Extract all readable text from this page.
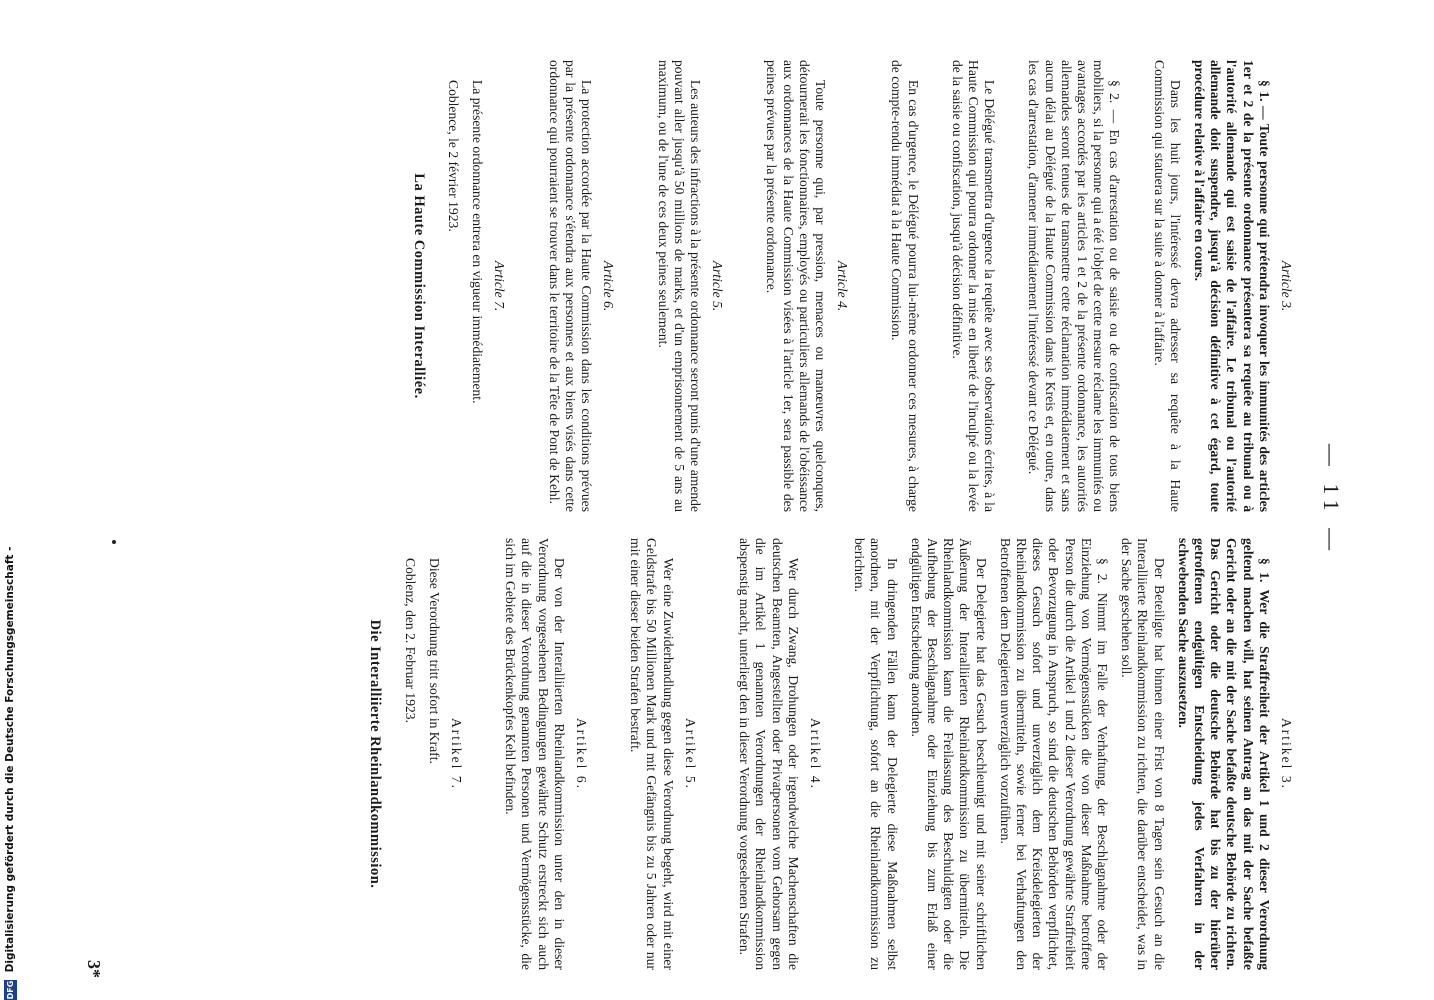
— 11 —
Article 3.

§ 1. — Toute personne qui prétendra invoquer les immunités des articles 1er et 2 de la présente ordonnance présentera sa requête au tribunal ou à l'autorité allemande qui est saisie de l'affaire. Le tribunal ou l'autorité allemande doit suspendre, jusqu'à décision définitive à cet égard, toute procédure relative à l'affaire en cours.

Dans les huit jours, l'intéressé devra adresser sa requête à la Haute Commission qui statuera sur la suite à donner à l'affaire.

§ 2. — En cas d'arrestation ou de saisie ou de confiscation de tous biens mobiliers, si la personne qui a été l'objet de cette mesure réclame les immunités ou avantages accordés par les articles 1 et 2 de la présente ordonnance, les autorités allemandes seront tenues de transmettre cette réclamation immédiatement et sans aucun délai au Délégué de la Haute Commission dans le Kreis et, en outre, dans les cas d'arrestation, d'amener immédiatement l'intéressé devant ce Délégué.

Le Délégué transmettra d'urgence la requête avec ses observations écrites, à la Haute Commission qui pourra ordonner la mise en liberté de l'inculpé ou la levée de la saisie ou confiscation, jusqu'à décision définitive.

En cas d'urgence, le Délégué pourra lui-même ordonner ces mesures, à charge de compte-rendu immédiat à la Haute Commission.

Article 4.

Toute personne qui, par pression, menaces ou manœuvres quelconques, détournerait les fonctionnaires, employés ou particuliers allemands de l'obéissance aux ordonnances de la Haute Commission visées à l'article 1er, sera passible des peines prévues par la présente ordonnance.

Article 5.

Les auteurs des infractions à la présente ordonnance seront punis d'une amende pouvant aller jusqu'à 50 millions de marks, et d'un emprisonnement de 5 ans au maximum, ou de l'une de ces deux peines seulement.

Article 6.

La protection accordée par la Haute Commission dans les conditions prévues par la présente ordonnance s'étendra aux personnes et aux biens visés dans cette ordonnance qui pourraient se trouver dans le territoire de la Tête de Pont de Kehl.

Article 7.

La présente ordonnance entrera en vigueur immédiatement.

Coblence, le 2 février 1923.

La Haute Commission Interalliée.
Artikel 3.

§ 1. Wer die Straffreiheit der Artikel 1 und 2 dieser Verordnung geltend machen will, hat seinen Antrag an das mit der Sache befaßte Gericht oder an die mit der Sache befaßte deutsche Behörde zu richten. Das Gericht oder die deutsche Behörde hat bis zu der hierüber getroffenen endgültigen Entscheidung jedes Verfahren in der schwebenden Sache auszusetzen.

Der Beteiligte hat binnen einer Frist von 8 Tagen sein Gesuch an die Interalliierte Rheinlandkommission zu richten, die darüber entscheidet, was in der Sache geschehen soll.

§ 2. Nimmt im Falle der Verhaftung, der Beschlagnahme oder der Einziehung von Vermögensstücken die von dieser Maßnahme betroffene Person die durch die Artikel 1 und 2 dieser Verordnung gewährte Straffreiheit oder Bevorzugung in Anspruch, so sind die deutschen Behörden verpflichtet, dieses Gesuch sofort und unverzüglich dem Kreisdelegierten der Rheinlandkommission zu übermitteln, sowie ferner bei Verhaftungen den Betroffenen dem Delegierten unverzüglich vorzuführen.

Der Delegierte hat das Gesuch beschleunigt und mit seiner schriftlichen Äußerung der Interalliierten Rheinlandkommission zu übermitteln. Die Rheinlandkommission kann die Freilassung des Beschuldigten oder die Aufhebung der Beschlagnahme oder Einziehung bis zum Erlaß einer endgültigen Entscheidung anordnen.

In dringenden Fällen kann der Delegierte diese Maßnahmen selbst anordnen, mit der Verpflichtung, sofort an die Rheinlandkommission zu berichten.

Artikel 4.

Wer durch Zwang, Drohungen oder irgendwelche Machenschaften die deutschen Beamten, Angestellten oder Privatpersonen vom Gehorsam gegen die im Artikel 1 genannten Verordnungen der Rheinlandkommission abspenstig macht, unterliegt den in dieser Verordnung vorgesehenen Strafen.

Artikel 5.

Wer eine Zuwiderhandlung gegen diese Verordnung begeht, wird mit einer Geldstrafe bis 50 Millionen Mark und mit Gefängnis bis zu 5 Jahren oder nur mit einer dieser beiden Strafen bestraft.

Artikel 6.

Der von der Interalliierten Rheinlandkommission unter den in dieser Verordnung vorgesehenen Bedingungen gewährte Schutz erstreckt sich auch auf die in dieser Verordnung genannten Personen und Vermögensstücke, die sich im Gebiete des Brückenkopfes Kehl befinden.

Artikel 7.

Diese Verordnung tritt sofort in Kraft.

Coblenz, den 2. Februar 1923.

Die Interalliierte Rheinlandkommission.
3*
DFG Digitalisierung gefördert durch die Deutsche Forschungsgemeinschaft -
